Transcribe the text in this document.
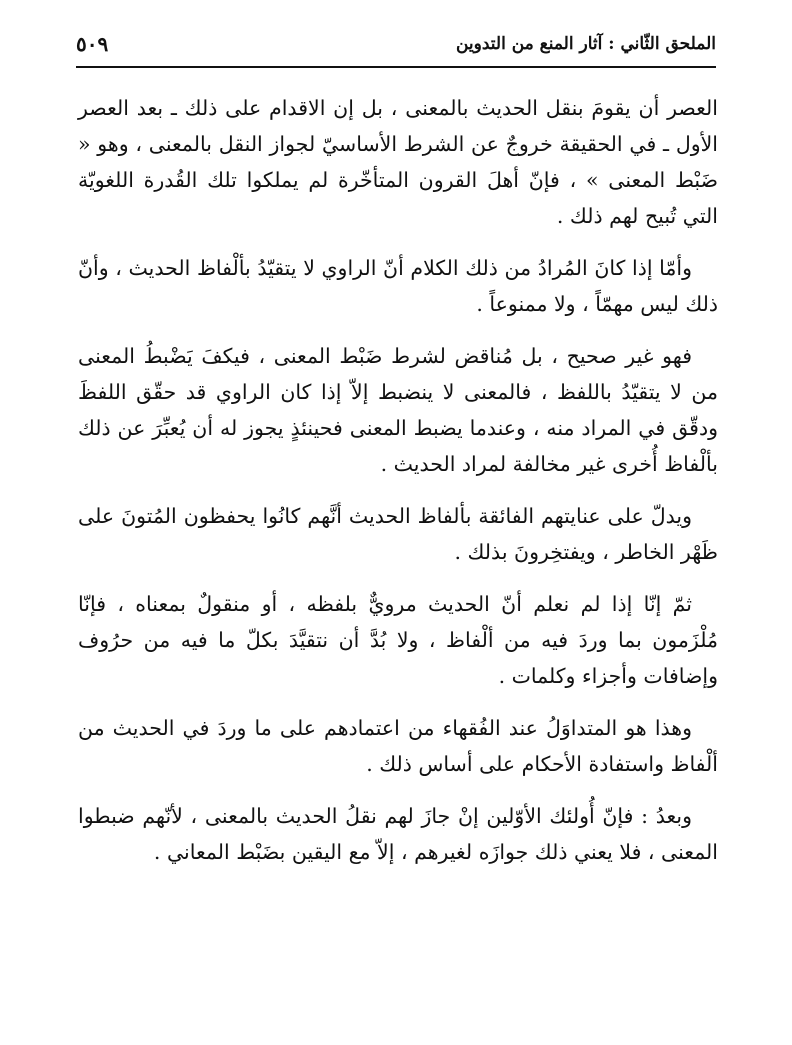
الملحق الثّاني : آثار المنع من التدوين
٥٠٩

العصر أن يقومَ بنقل الحديث بالمعنى ، بل إن الاقدام على ذلك ـ بعد العصر الأول ـ في الحقيقة خروجٌ عن الشرط الأساسيّ لجواز النقل بالمعنى ، وهو « ضَبْط المعنى » ، فإنّ أهلَ القرون المتأخّرة لم يملكوا تلك القُدرة اللغويّة التي تُبيح لهم ذلك .

وأمّا إذا كانَ المُرادُ من ذلك الكلام أنّ الراوي لا يتقيّدُ بألْفاظ الحديث ، وأنّ ذلك ليس مهمّاً ، ولا ممنوعاً .

فهو غير صحيح ، بل مُناقض لشرط ضَبْط المعنى ، فيكفَ يَضْبطُ المعنى من لا يتقيّدُ باللفظ ، فالمعنى لا ينضبط إلاّ إذا كان الراوي قد حقّق اللفظَ ودقّق في المراد منه ، وعندما يضبط المعنى فحينئذٍ يجوز له أن يُعبِّرَ عن ذلك بألْفاظ أُخرى غير مخالفة لمراد الحديث .

ويدلّ على عنايتهم الفائقة بألفاظ الحديث أنَّهم كانُوا يحفظون المُتونَ على ظَهْر الخاطر ، ويفتخِرونَ بذلك .

ثمّ إنّا إذا لم نعلم أنّ الحديث مرويٌّ بلفظه ، أو منقولٌ بمعناه ، فإنّا مُلْزَمون بما وردَ فيه من ألْفاظ ، ولا بُدَّ أن نتقيَّدَ بكلّ ما فيه من حرُوف وإضافات وأجزاء وكلمات .

وهذا هو المتداوَلُ عند الفُقهاء من اعتمادهم على ما وردَ في الحديث من ألْفاظ واستفادة الأحكام على أساس ذلك .

وبعدُ : فإنّ أُولئك الأوّلين إنْ جازَ لهم نقلُ الحديث بالمعنى ، لأنّهم ضبطوا المعنى ، فلا يعني ذلك جوازَه لغيرهم ، إلاّ مع اليقين بضَبْط المعاني .
